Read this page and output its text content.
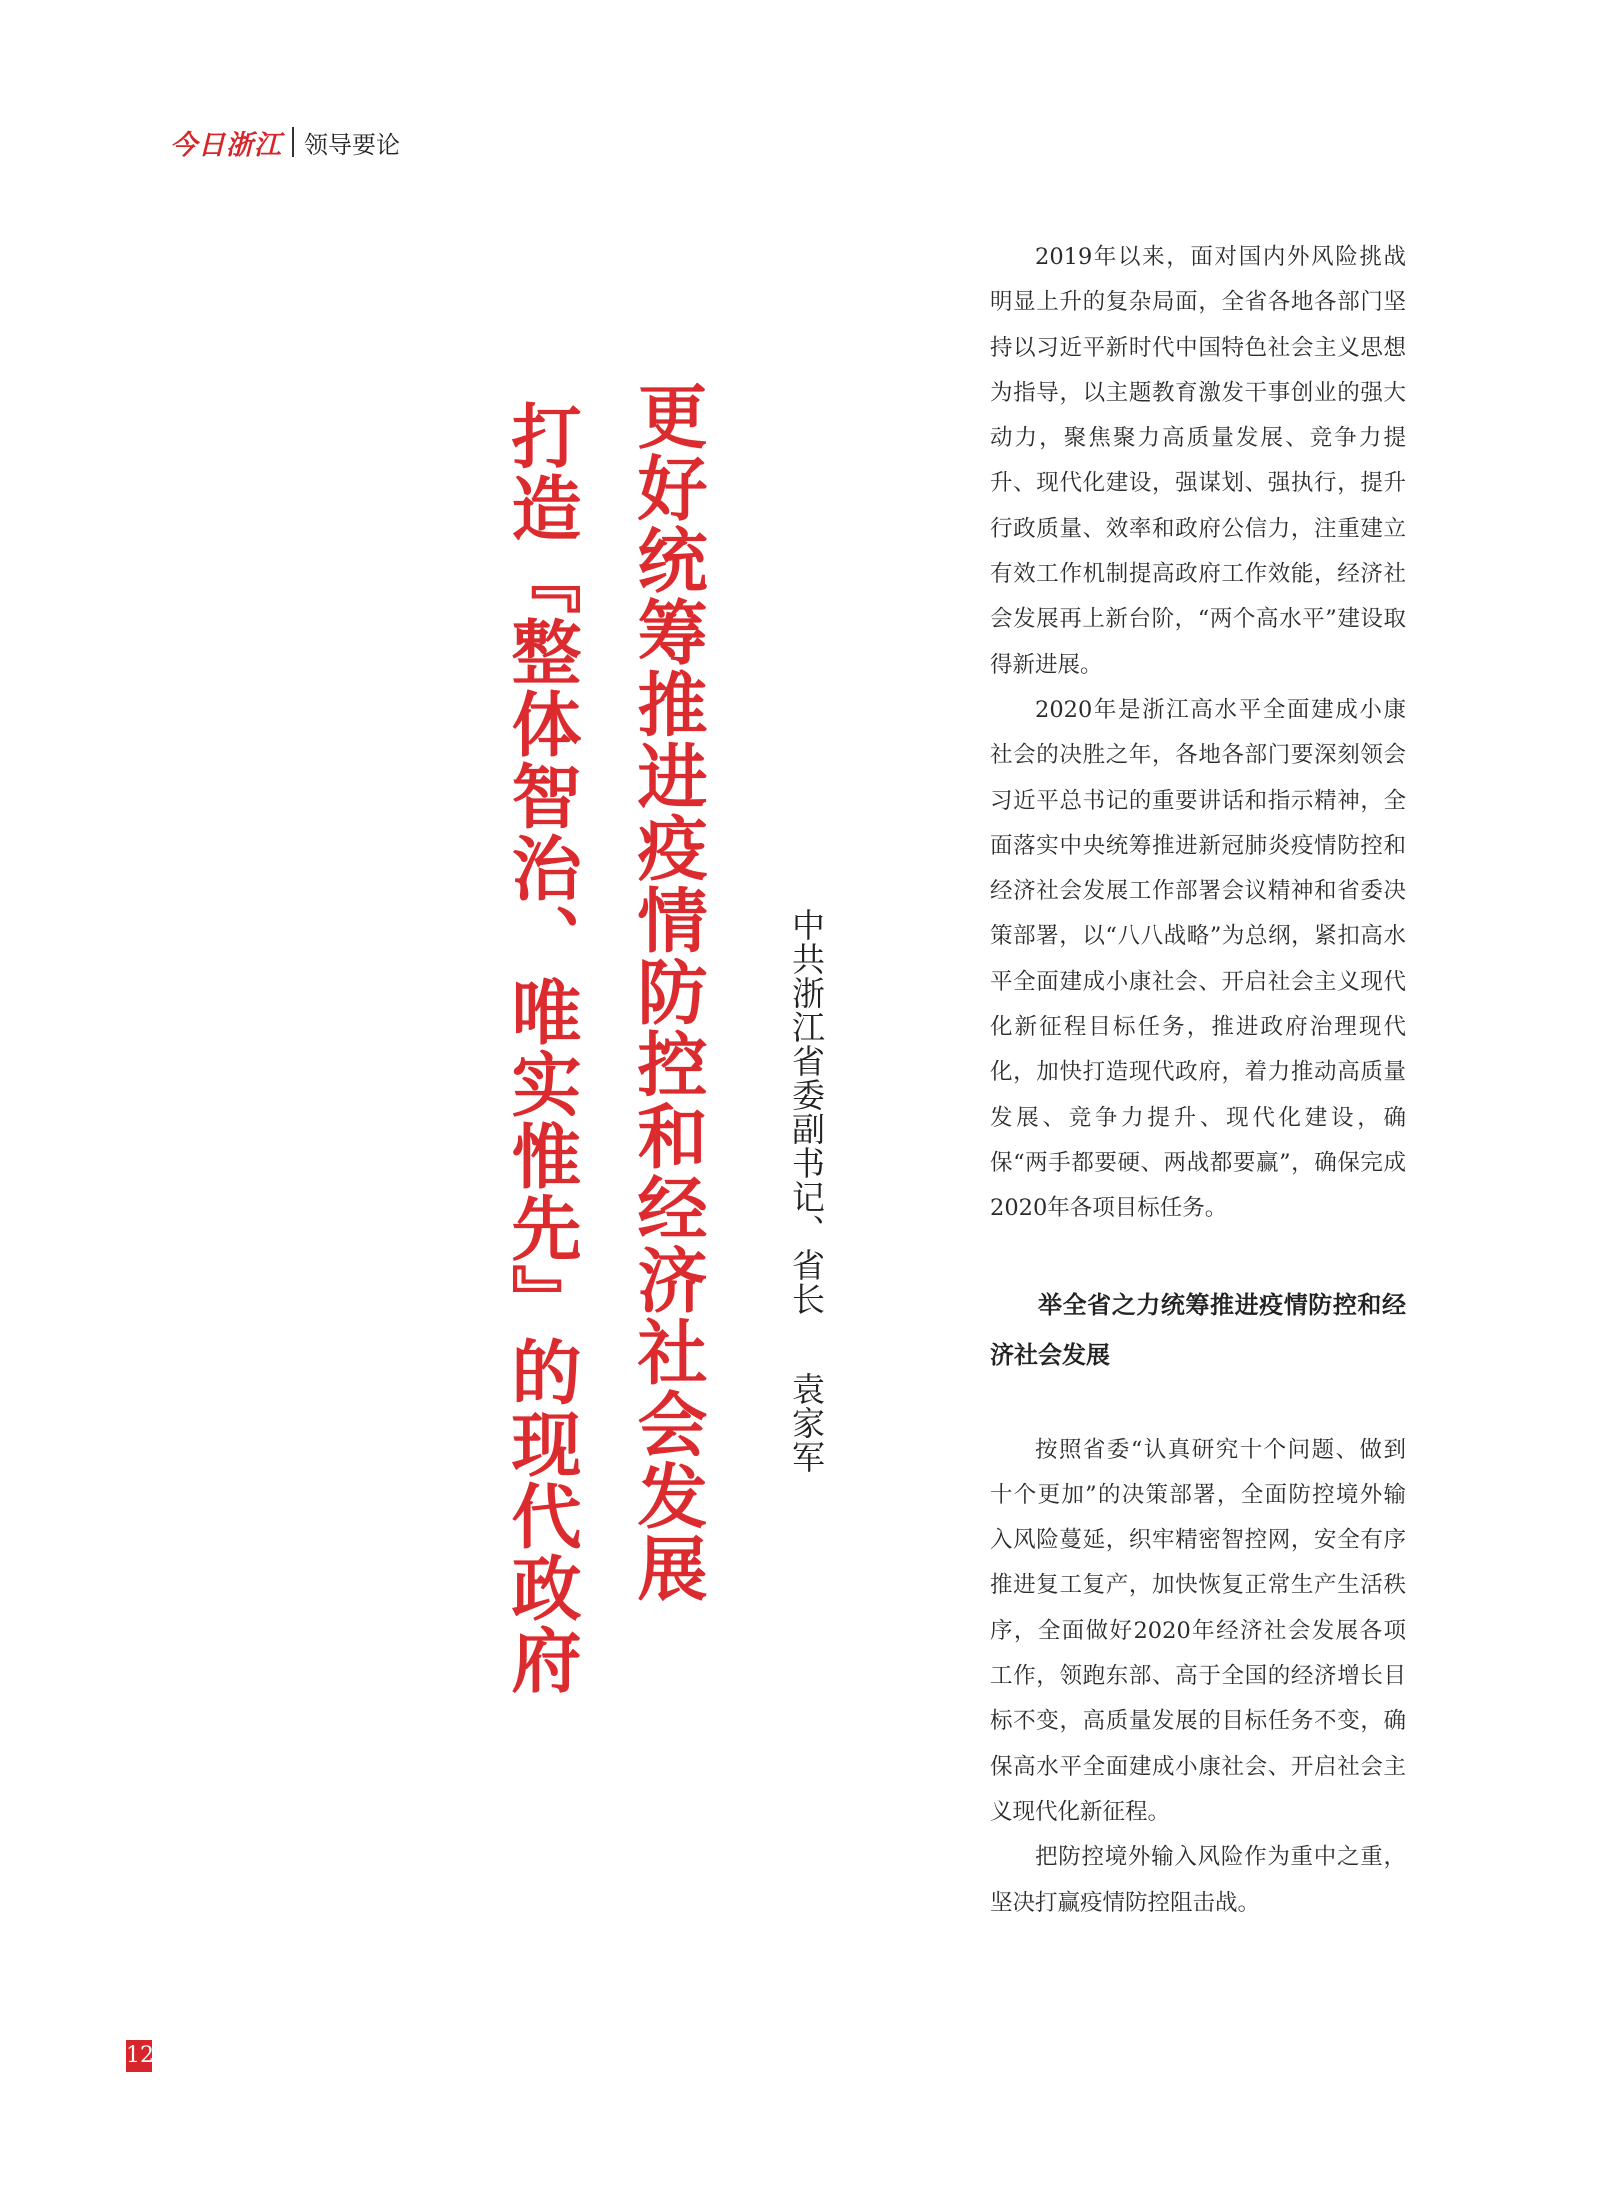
今日浙江 领导要论
更好统筹推进疫情防控和经济社会发展
打造『整体智治、唯实惟先』的现代政府	中共浙江省委副书记、省长袁家军

2019年以来，面对国内外风险挑战明显上升的复杂局面，全省各地各部门坚持以习近平新时代中国特色社会主义思想为指导，以主题教育激发干事创业的强大动力，聚焦聚力高质量发展、竞争力提升、现代化建设，强谋划、强执行，提升行政质量、效率和政府公信力，注重建立有效工作机制提高政府工作效能，经济社会发展再上新台阶，“两个高水平”建设取得新进展。

2020年是浙江高水平全面建成小康社会的决胜之年，各地各部门要深刻领会习近平总书记的重要讲话和指示精神，全面落实中央统筹推进新冠肺炎疫情防控和经济社会发展工作部署会议精神和省委决策部署，以“八八战略”为总纲，紧扣高水平全面建成小康社会、开启社会主义现代化新征程目标任务，推进政府治理现代化，加快打造现代政府，着力推动高质量发展、竞争力提升、现代化建设，确保“两手都要硬、两战都要赢”，确保完成2020年各项目标任务。

举全省之力统筹推进疫情防控和经济社会发展

按照省委“认真研究十个问题、做到十个更加”的决策部署，全面防控境外输入风险蔓延，织牢精密智控网，安全有序推进复工复产，加快恢复正常生产生活秩序，全面做好2020年经济社会发展各项工作，领跑东部、高于全国的经济增长目标不变，高质量发展的目标任务不变，确保高水平全面建成小康社会、开启社会主义现代化新征程。

把防控境外输入风险作为重中之重，坚决打赢疫情防控阻击战。

12
